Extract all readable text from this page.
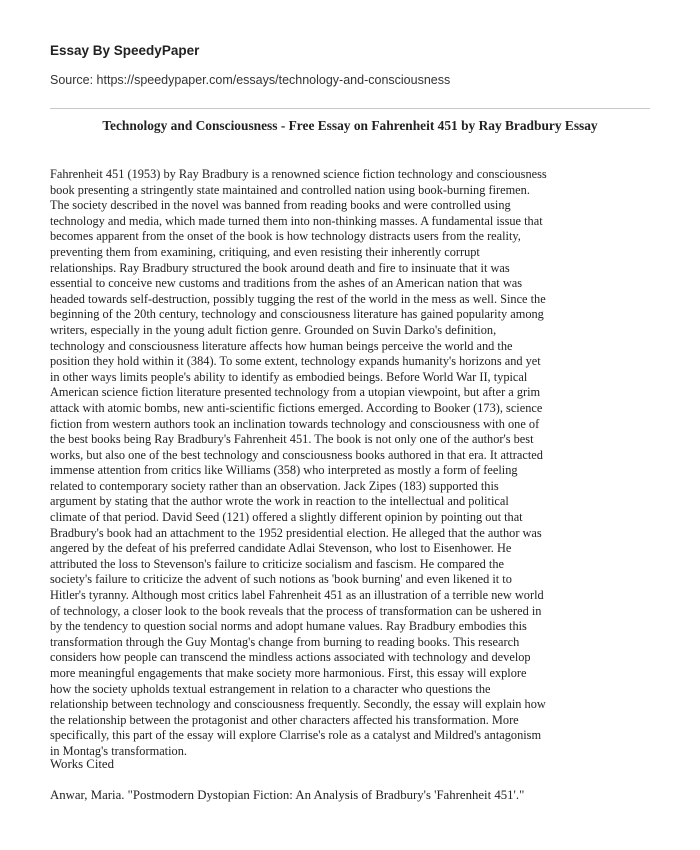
Essay By SpeedyPaper
Source: https://speedypaper.com/essays/technology-and-consciousness
Technology and Consciousness - Free Essay on Fahrenheit 451 by Ray Bradbury Essay
Fahrenheit 451 (1953) by Ray Bradbury is a renowned science fiction technology and consciousness
book presenting a stringently state maintained and controlled nation using book-burning firemen.
The society described in the novel was banned from reading books and were controlled using
technology and media, which made turned them into non-thinking masses. A fundamental issue that
becomes apparent from the onset of the book is how technology distracts users from the reality,
preventing them from examining, critiquing, and even resisting their inherently corrupt
relationships. Ray Bradbury structured the book around death and fire to insinuate that it was
essential to conceive new customs and traditions from the ashes of an American nation that was
headed towards self-destruction, possibly tugging the rest of the world in the mess as well. Since the
beginning of the 20th century, technology and consciousness literature has gained popularity among
writers, especially in the young adult fiction genre. Grounded on Suvin Darko's definition,
technology and consciousness literature affects how human beings perceive the world and the
position they hold within it (384). To some extent, technology expands humanity's horizons and yet
in other ways limits people's ability to identify as embodied beings. Before World War II, typical
American science fiction literature presented technology from a utopian viewpoint, but after a grim
attack with atomic bombs, new anti-scientific fictions emerged. According to Booker (173), science
fiction from western authors took an inclination towards technology and consciousness with one of
the best books being Ray Bradbury's Fahrenheit 451. The book is not only one of the author's best
works, but also one of the best technology and consciousness books authored in that era. It attracted
immense attention from critics like Williams (358) who interpreted as mostly a form of feeling
related to contemporary society rather than an observation. Jack Zipes (183) supported this
argument by stating that the author wrote the work in reaction to the intellectual and political
climate of that period. David Seed (121) offered a slightly different opinion by pointing out that
Bradbury's book had an attachment to the 1952 presidential election. He alleged that the author was
angered by the defeat of his preferred candidate Adlai Stevenson, who lost to Eisenhower. He
attributed the loss to Stevenson's failure to criticize socialism and fascism. He compared the
society's failure to criticize the advent of such notions as 'book burning' and even likened it to
Hitler's tyranny. Although most critics label Fahrenheit 451 as an illustration of a terrible new world
of technology, a closer look to the book reveals that the process of transformation can be ushered in
by the tendency to question social norms and adopt humane values. Ray Bradbury embodies this
transformation through the Guy Montag's change from burning to reading books. This research
considers how people can transcend the mindless actions associated with technology and develop
more meaningful engagements that make society more harmonious. First, this essay will explore
how the society upholds textual estrangement in relation to a character who questions the
relationship between technology and consciousness frequently. Secondly, the essay will explain how
the relationship between the protagonist and other characters affected his transformation. More
specifically, this part of the essay will explore Clarrise's role as a catalyst and Mildred's antagonism
in Montag's transformation.
Works Cited
Anwar, Maria. "Postmodern Dystopian Fiction: An Analysis of Bradbury's 'Fahrenheit 451'."
